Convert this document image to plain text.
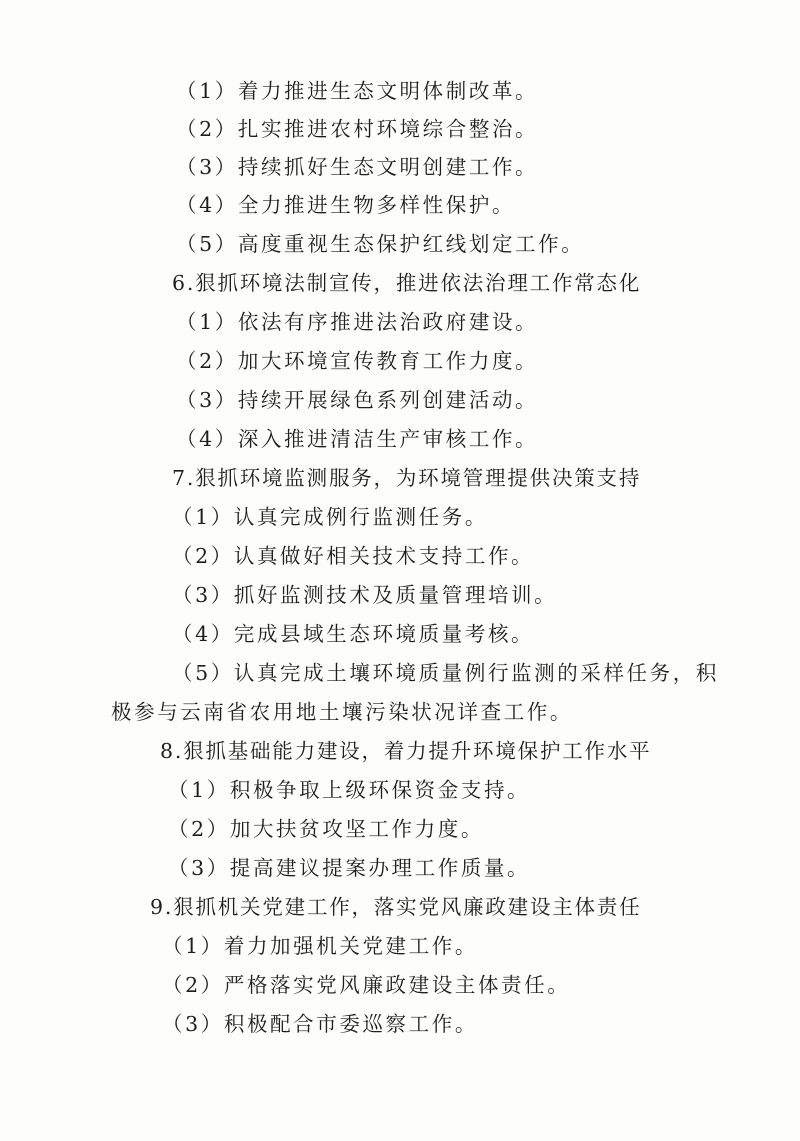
（1）着力推进生态文明体制改革。
（2）扎实推进农村环境综合整治。
（3）持续抓好生态文明创建工作。
（4）全力推进生物多样性保护。
（5）高度重视生态保护红线划定工作。
6.狠抓环境法制宣传，推进依法治理工作常态化
（1）依法有序推进法治政府建设。
（2）加大环境宣传教育工作力度。
（3）持续开展绿色系列创建活动。
（4）深入推进清洁生产审核工作。
7.狠抓环境监测服务，为环境管理提供决策支持
（1）认真完成例行监测任务。
（2）认真做好相关技术支持工作。
（3）抓好监测技术及质量管理培训。
（4）完成县域生态环境质量考核。
（5）认真完成土壤环境质量例行监测的采样任务，积
极参与云南省农用地土壤污染状况详查工作。
8.狠抓基础能力建设，着力提升环境保护工作水平
（1）积极争取上级环保资金支持。
（2）加大扶贫攻坚工作力度。
（3）提高建议提案办理工作质量。
9.狠抓机关党建工作，落实党风廉政建设主体责任
（1）着力加强机关党建工作。
（2）严格落实党风廉政建设主体责任。
（3）积极配合市委巡察工作。
